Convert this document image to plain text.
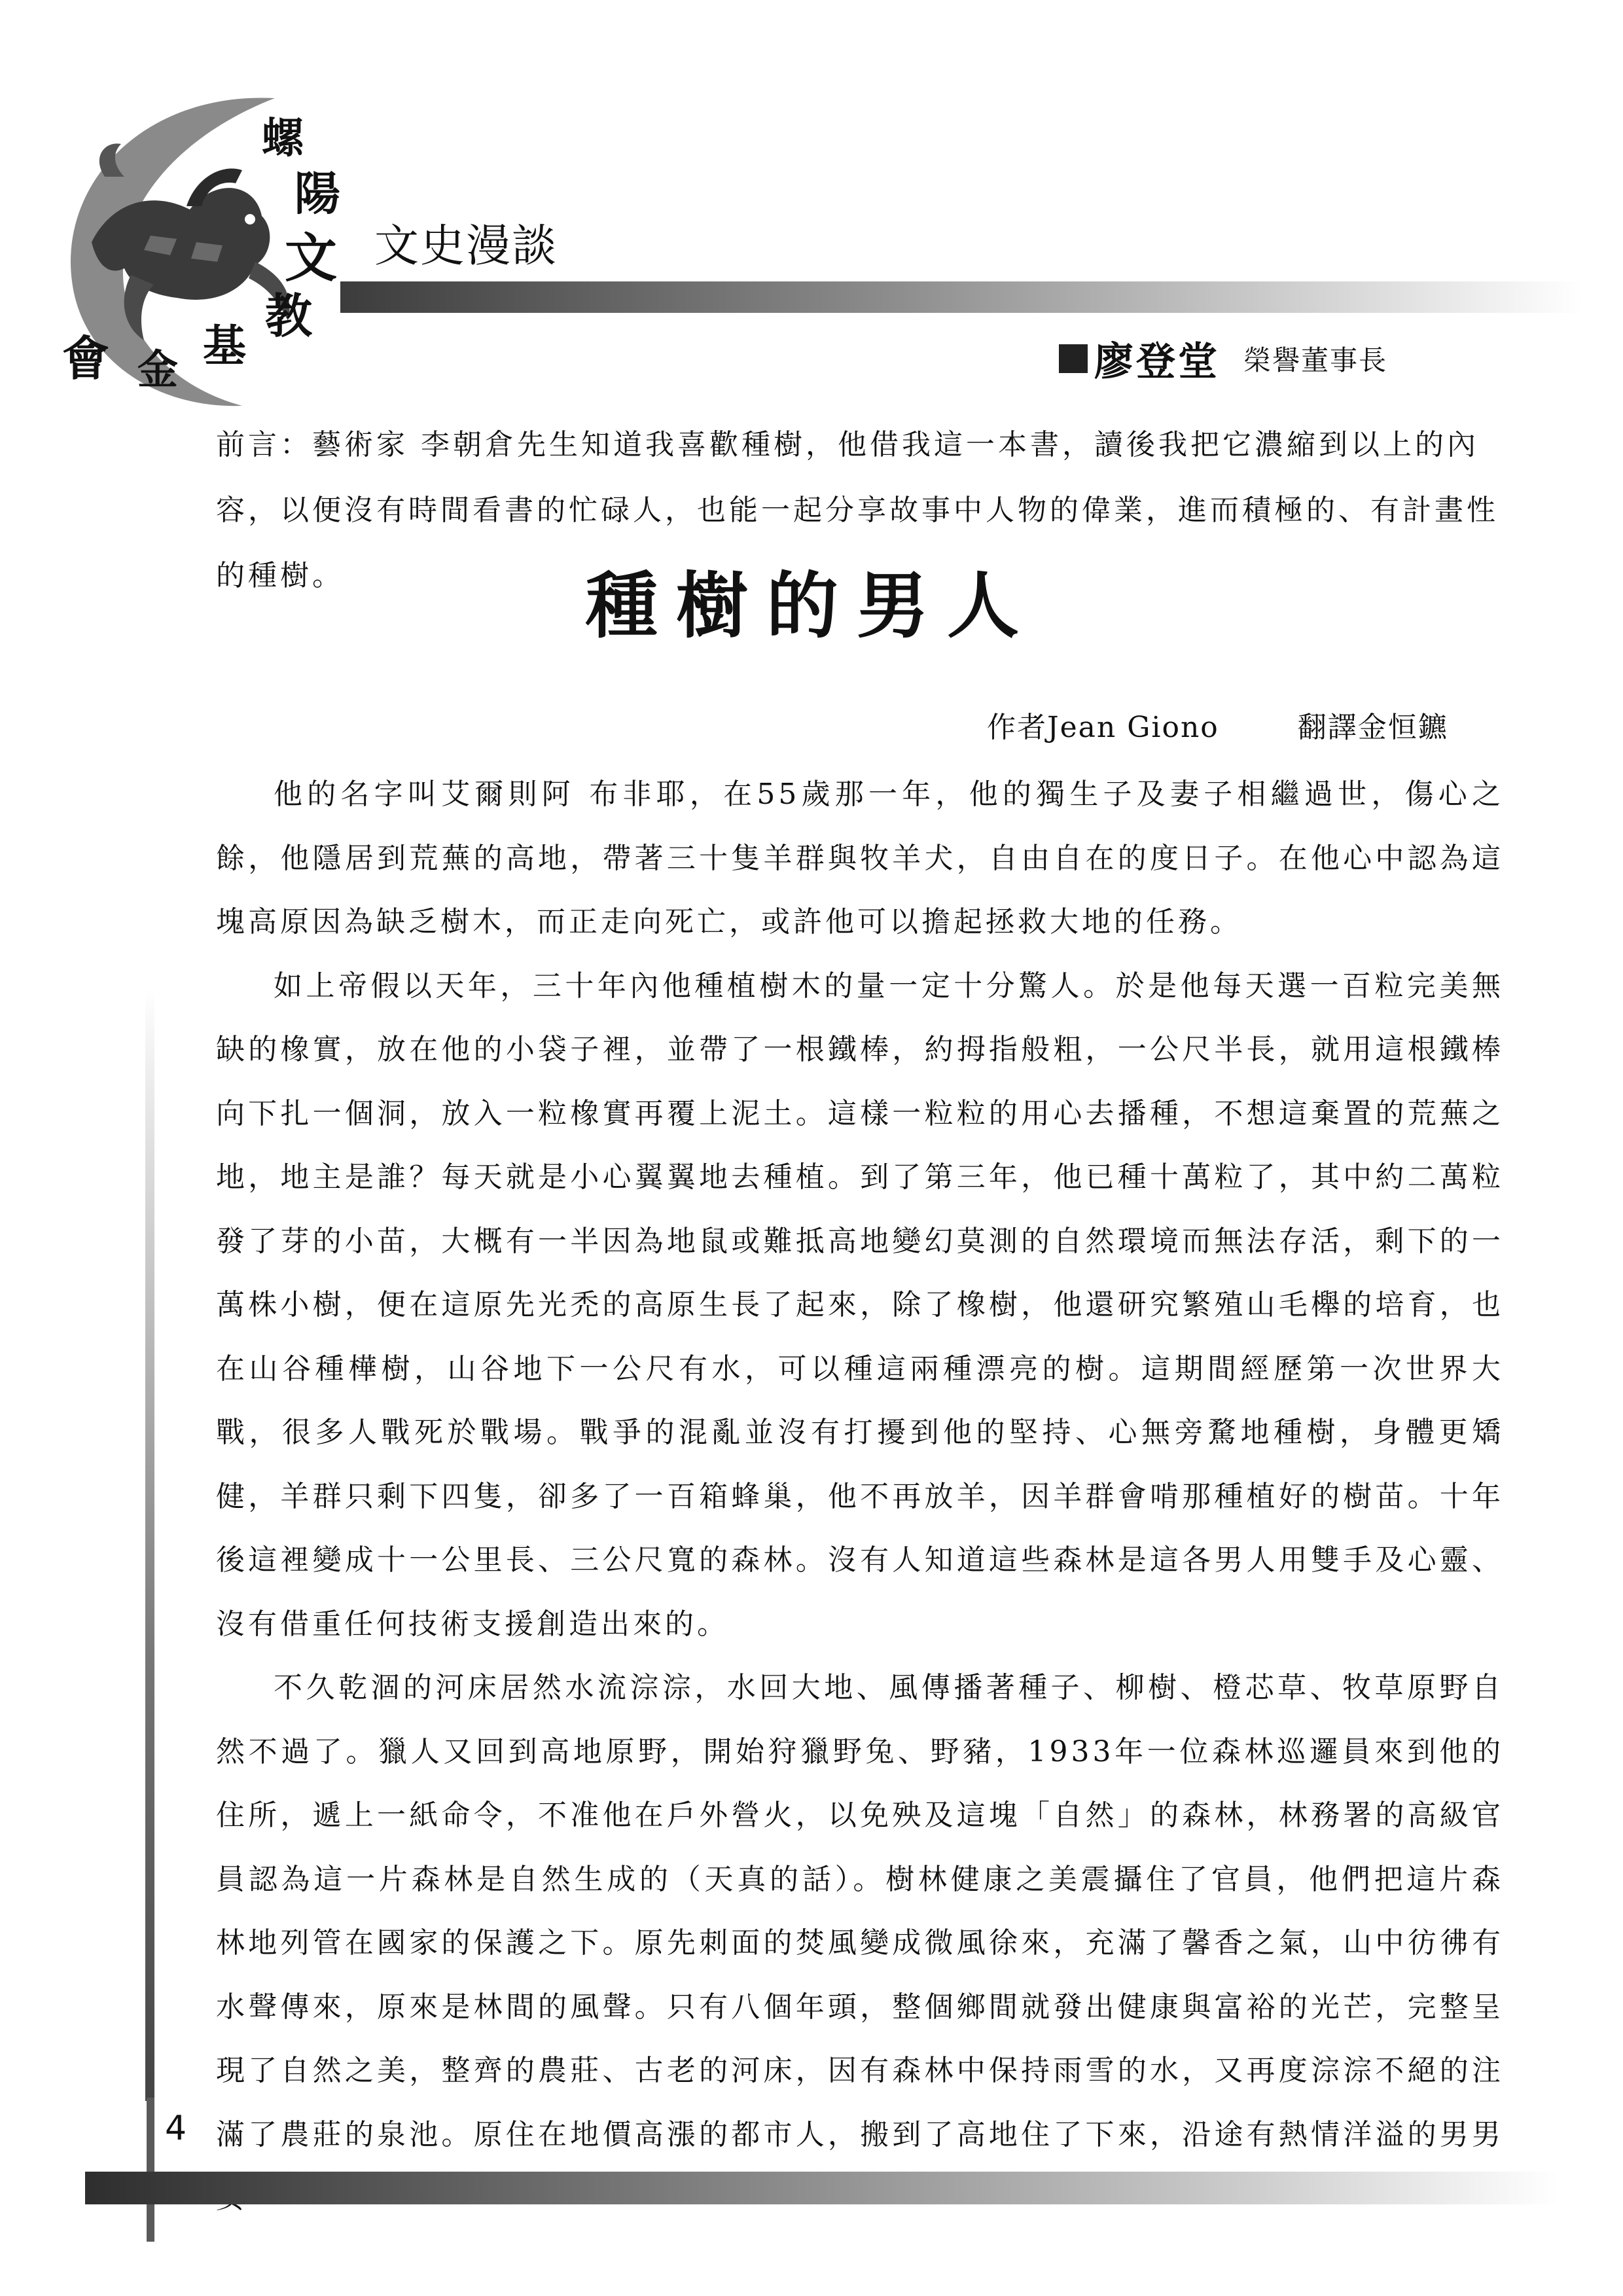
螺
陽
文
教
基
金
會
文史漫談
廖登堂 榮譽董事長

前言：藝術家 李朝倉先生知道我喜歡種樹，他借我這一本書，讀後我把它濃縮到以上的內容，以便沒有時間看書的忙碌人，也能一起分享故事中人物的偉業，進而積極的、有計畫性的種樹。	種樹的男人
作者Jean Giono	翻譯金恒鑣

他的名字叫艾爾則阿 布非耶，在55歲那一年，他的獨生子及妻子相繼過世，傷心之餘，他隱居到荒蕪的高地，帶著三十隻羊群與牧羊犬，自由自在的度日子。在他心中認為這塊高原因為缺乏樹木，而正走向死亡，或許他可以擔起拯救大地的任務。

如上帝假以天年，三十年內他種植樹木的量一定十分驚人。於是他每天選一百粒完美無缺的橡實，放在他的小袋子裡，並帶了一根鐵棒，約拇指般粗，一公尺半長，就用這根鐵棒向下扎一個洞，放入一粒橡實再覆上泥土。這樣一粒粒的用心去播種，不想這棄置的荒蕪之地，地主是誰？每天就是小心翼翼地去種植。到了第三年，他已種十萬粒了，其中約二萬粒發了芽的小苗，大概有一半因為地鼠或難抵高地變幻莫測的自然環境而無法存活，剩下的一萬株小樹，便在這原先光禿的高原生長了起來，除了橡樹，他還研究繁殖山毛櫸的培育，也在山谷種樺樹，山谷地下一公尺有水，可以種這兩種漂亮的樹。這期間經歷第一次世界大戰，很多人戰死於戰場。戰爭的混亂並沒有打擾到他的堅持、心無旁騖地種樹，身體更矯健，羊群只剩下四隻，卻多了一百箱蜂巢，他不再放羊，因羊群會啃那種植好的樹苗。十年後這裡變成十一公里長、三公尺寬的森林。沒有人知道這些森林是這各男人用雙手及心靈、沒有借重任何技術支援創造出來的。

不久乾涸的河床居然水流淙淙，水回大地、風傳播著種子、柳樹、橙芯草、牧草原野自然不過了。獵人又回到高地原野，開始狩獵野兔、野豬，1933年一位森林巡邏員來到他的住所，遞上一紙命令，不准他在戶外營火，以免殃及這塊「自然」的森林，林務署的高級官員認為這一片森林是自然生成的（天真的話）。樹林健康之美震攝住了官員，他們把這片森林地列管在國家的保護之下。原先刺面的焚風變成微風徐來，充滿了馨香之氣，山中彷彿有水聲傳來，原來是林間的風聲。只有八個年頭，整個鄉間就發出健康與富裕的光芒，完整呈現了自然之美，整齊的農莊、古老的河床，因有森林中保持雨雪的水，又再度淙淙不絕的注滿了農莊的泉池。原住在地價高漲的都市人，搬到了高地住了下來，沿途有熱情洋溢的男男

4
